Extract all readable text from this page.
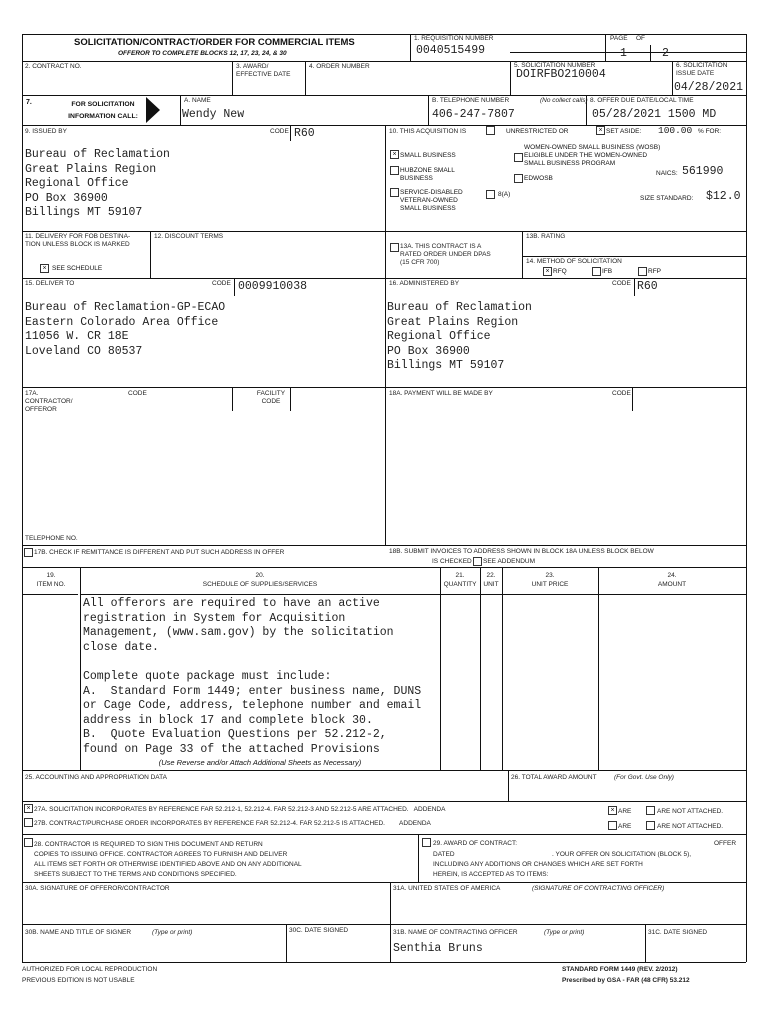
SOLICITATION/CONTRACT/ORDER FOR COMMERCIAL ITEMS
OFFEROR TO COMPLETE BLOCKS 12, 17, 23, 24, & 30
1. REQUISITION NUMBER
0040515499
PAGE OF
1	2
2. CONTRACT NO.	3. AWARD/ EFFECTIVE DATE
4. ORDER NUMBER	5. SOLICITATION NUMBER
DOIRFBO210004
6. SOLICITATION ISSUE DATE
04/28/2021
7.	FOR SOLICITATION INFORMATION CALL:
A. NAME
Wendy New
B. TELEPHONE NUMBER	(No collect calls)
406-247-7807
8. OFFER DUE DATE/LOCAL TIME
05/28/2021 1500 MD
9. ISSUED BY	CODE R60
Bureau of Reclamation
Great Plains Region
Regional Office
PO Box 36900
Billings MT 59107
10. THIS ACQUISITION IS	UNRESTRICTED OR	× SET ASIDE: 100.00 % FOR:
× SMALL BUSINESS
HUBZONE SMALL BUSINESS
SERVICE-DISABLED VETERAN-OWNED SMALL BUSINESS
WOMEN-OWNED SMALL BUSINESS (WOSB) ELIGIBLE UNDER THE WOMEN-OWNED SMALL BUSINESS PROGRAM
EDWOSB
8(A)
NAICS: 561990
SIZE STANDARD: $12.0
11. DELIVERY FOR FOB DESTINA- TION UNLESS BLOCK IS MARKED
× SEE SCHEDULE
12. DISCOUNT TERMS
13A. THIS CONTRACT IS A RATED ORDER UNDER DPAS (15 CFR 700)
13B. RATING
14. METHOD OF SOLICITATION
× RFQ	IFB	RFP
15. DELIVER TO	CODE 0009910038
Bureau of Reclamation-GP-ECAO
Eastern Colorado Area Office
11056 W. CR 18E
Loveland CO 80537
16. ADMINISTERED BY	CODE R60
Bureau of Reclamation
Great Plains Region
Regional Office
PO Box 36900
Billings MT 59107
17A. CONTRACTOR/ OFFEROR
CODE	FACILITY CODE
TELEPHONE NO.
17B. CHECK IF REMITTANCE IS DIFFERENT AND PUT SUCH ADDRESS IN OFFER
18A. PAYMENT WILL BE MADE BY	CODE
18B. SUBMIT INVOICES TO ADDRESS SHOWN IN BLOCK 18A UNLESS BLOCK BELOW
IS CHECKED SEE ADDENDUM
19.
ITEM NO.
20.
SCHEDULE OF SUPPLIES/SERVICES
21.
QUANTITY
22.
UNIT
23.
UNIT PRICE
24.
AMOUNT
All offerors are required to have an active
registration in System for Acquisition
Management, (www.sam.gov) by the solicitation
close date.

Complete quote package must include:
A.  Standard Form 1449; enter business name, DUNS
or Cage Code, address, telephone number and email
address in block 17 and complete block 30.
B.  Quote Evaluation Questions per 52.212-2,
found on Page 33 of the attached Provisions
(Use Reverse and/or Attach Additional Sheets as Necessary)
25. ACCOUNTING AND APPROPRIATION DATA	26. TOTAL AWARD AMOUNT	(For Govt. Use Only)
× 27A. SOLICITATION INCORPORATES BY REFERENCE FAR 52.212-1, 52.212-4. FAR 52.212-3 AND 52.212-5 ARE ATTACHED.   ADDENDA	× ARE	ARE NOT ATTACHED.
27B. CONTRACT/PURCHASE ORDER INCORPORATES BY REFERENCE FAR 52.212-4. FAR 52.212-5 IS ATTACHED.        ADDENDA	ARE	ARE NOT ATTACHED.
28. CONTRACTOR IS REQUIRED TO SIGN THIS DOCUMENT AND RETURN
COPIES TO ISSUING OFFICE. CONTRACTOR AGREES TO FURNISH AND DELIVER
ALL ITEMS SET FORTH OR OTHERWISE IDENTIFIED ABOVE AND ON ANY ADDITIONAL
SHEETS SUBJECT TO THE TERMS AND CONDITIONS SPECIFIED.
29. AWARD OF CONTRACT:	OFFER
DATED	. YOUR OFFER ON SOLICITATION (BLOCK 5),
INCLUDING ANY ADDITIONS OR CHANGES WHICH ARE SET FORTH
HEREIN, IS ACCEPTED AS TO ITEMS:
30A. SIGNATURE OF OFFEROR/CONTRACTOR	31A. UNITED STATES OF AMERICA	(SIGNATURE OF CONTRACTING OFFICER)
30B. NAME AND TITLE OF SIGNER	(Type or print)	30C. DATE SIGNED	31B. NAME OF CONTRACTING OFFICER	(Type or print)
Senthia Bruns
31C. DATE SIGNED
AUTHORIZED FOR LOCAL REPRODUCTION
PREVIOUS EDITION IS NOT USABLE
STANDARD FORM 1449 (REV. 2/2012)
Prescribed by GSA - FAR (48 CFR) 53.212
